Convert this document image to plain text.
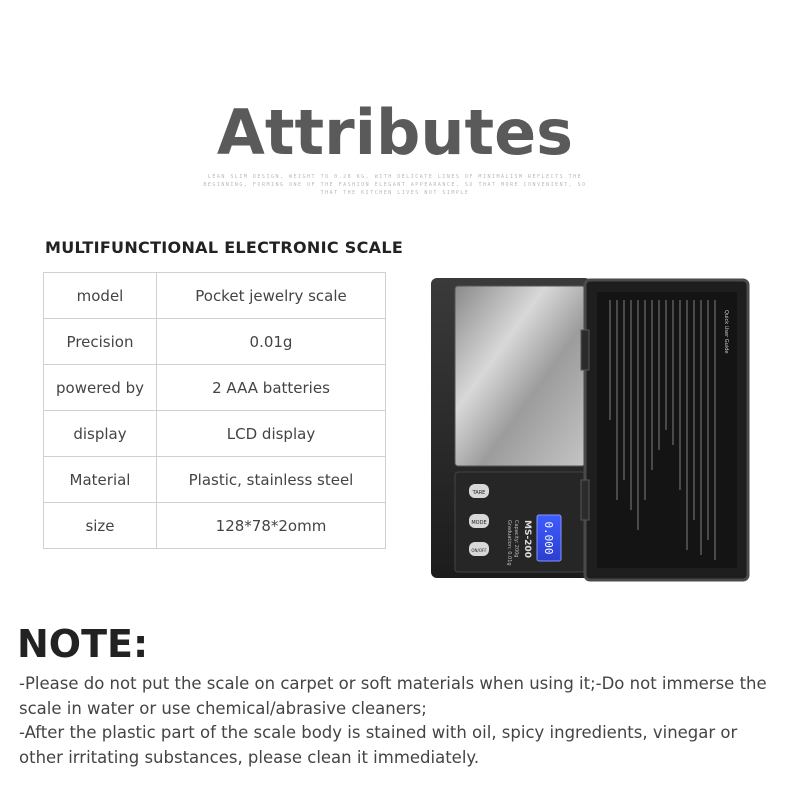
Attributes
LEAN SLIM DESIGN, WEIGHT TO 0.28 KG, WITH DELICATE LINES OF MINIMALISM REFLECTS THE BEGINNING, FORMING ONE OF THE FASHION ELEGANT APPEARANCE, SO THAT MORE CONVENIENT, SO THAT THE KITCHEN LIVES NOT SIMPLE
MULTIFUNCTIONAL ELECTRONIC SCALE
model	Pocket jewelry scale
Precision	0.01g
powered by	2 AAA batteries
display	LCD display
Material	Plastic, stainless steel
size	128*78*2omm
TARE
MODE
ON/OFF	0.000
MS-200
Capacity: 200g
Graduation: 0.01g
Quick User Guide
NOTE:

-Please do not put the scale on carpet or soft materials when using it;-Do not immerse the scale in water or use chemical/abrasive cleaners;

-After the plastic part of the scale body is stained with oil, spicy ingredients, vinegar or other irritating substances, please clean it immediately.
